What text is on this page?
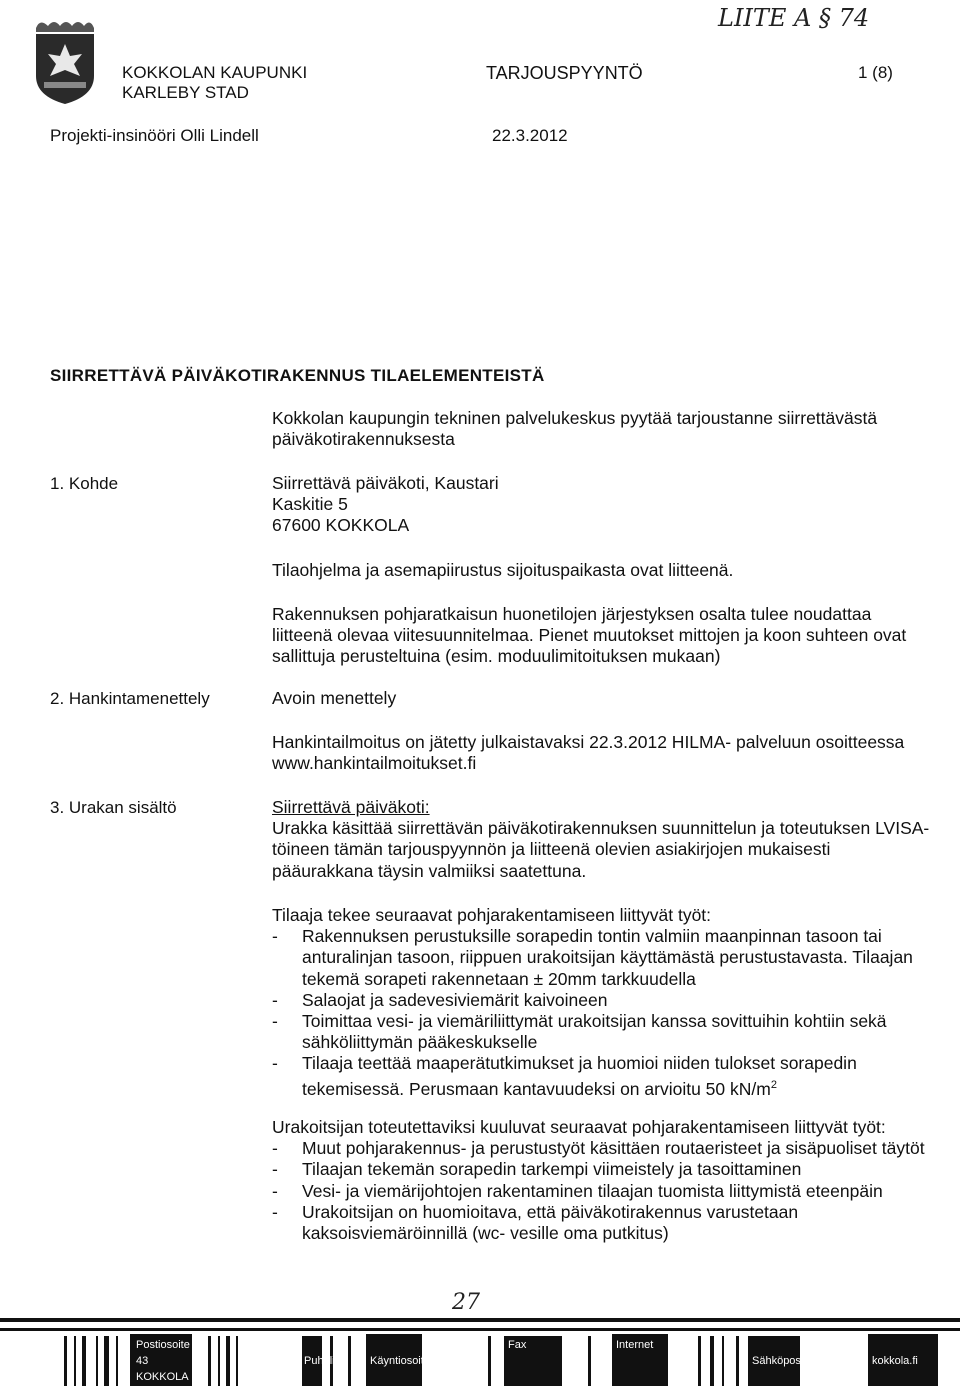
LIITE A § 74
KOKKOLAN KAUPUNKI
KARLEBY STAD
TARJOUSPYYNTÖ	1 (8)
Projekti-insinööri Olli Lindell	22.3.2012
SIIRRETTÄVÄ PÄIVÄKOTIRAKENNUS TILAELEMENTEISTÄ

Kokkolan kaupungin tekninen palvelukeskus pyytää tarjoustanne siirrettävästä päiväkotirakennuksesta

1. Kohde	Siirrettävä päiväkoti, Kaustari

Kaskitie 5

67600 KOKKOLA

Tilaohjelma ja asemapiirustus sijoituspaikasta ovat liitteenä.

Rakennuksen pohjaratkaisun huonetilojen järjestyksen osalta tulee noudattaa liitteenä olevaa viitesuunnitelmaa. Pienet muutokset mittojen ja koon suhteen ovat sallittuja perusteltuina (esim. moduulimitoituksen mukaan)

2. Hankintamenettely	Avoin menettely

Hankintailmoitus on jätetty julkaistavaksi 22.3.2012 HILMA- palveluun osoitteessa www.hankintailmoitukset.fi

3. Urakan sisältö	Siirrettävä päiväkoti:

Urakka käsittää siirrettävän päiväkotirakennuksen suunnittelun ja toteutuksen LVISA- töineen tämän tarjouspyynnön ja liitteenä olevien asiakirjojen mukaisesti pääurakkana täysin valmiiksi saatettuna.

Tilaaja tekee seuraavat pohjarakentamiseen liittyvät työt:

- Rakennuksen perustuksille sorapedin tontin valmiin maanpinnan tasoon tai anturalinjan tasoon, riippuen urakoitsijan käyttämästä perustustavasta. Tilaajan tekemä sorapeti rakennetaan ± 20mm tarkkuudella
- Salaojat ja sadevesiviemärit kaivoineen
- Toimittaa vesi- ja viemäriliittymät urakoitsijan kanssa sovittuihin kohtiin sekä sähköliittymän pääkeskukselle
- Tilaaja teettää maaperätutkimukset ja huomioi niiden tulokset sorapedin tekemisessä. Perusmaan kantavuudeksi on arvioitu 50 $kN/m^2$

Urakoitsijan toteutettaviksi kuuluvat seuraavat pohjarakentamiseen liittyvät työt:

- Muut pohjarakennus- ja perustustyöt käsittäen routaeristeet ja sisäpuoliset täytöt
- Tilaajan tekemän sorapedin tarkempi viimeistely ja tasoittaminen
- Vesi- ja viemärijohtojen rakentaminen tilaajan tuomista liittymistä eteenpäin
- Urakoitsijan on huomioitava, että päiväkotirakennus varustetaan kaksoisviemäröinnillä (wc- vesille oma putkitus)
27
Postiosoite
43
KOKKOLA
Puhelin	Käyntiosoite
Fax	Internet
Sähköposti	kokkola.fi
